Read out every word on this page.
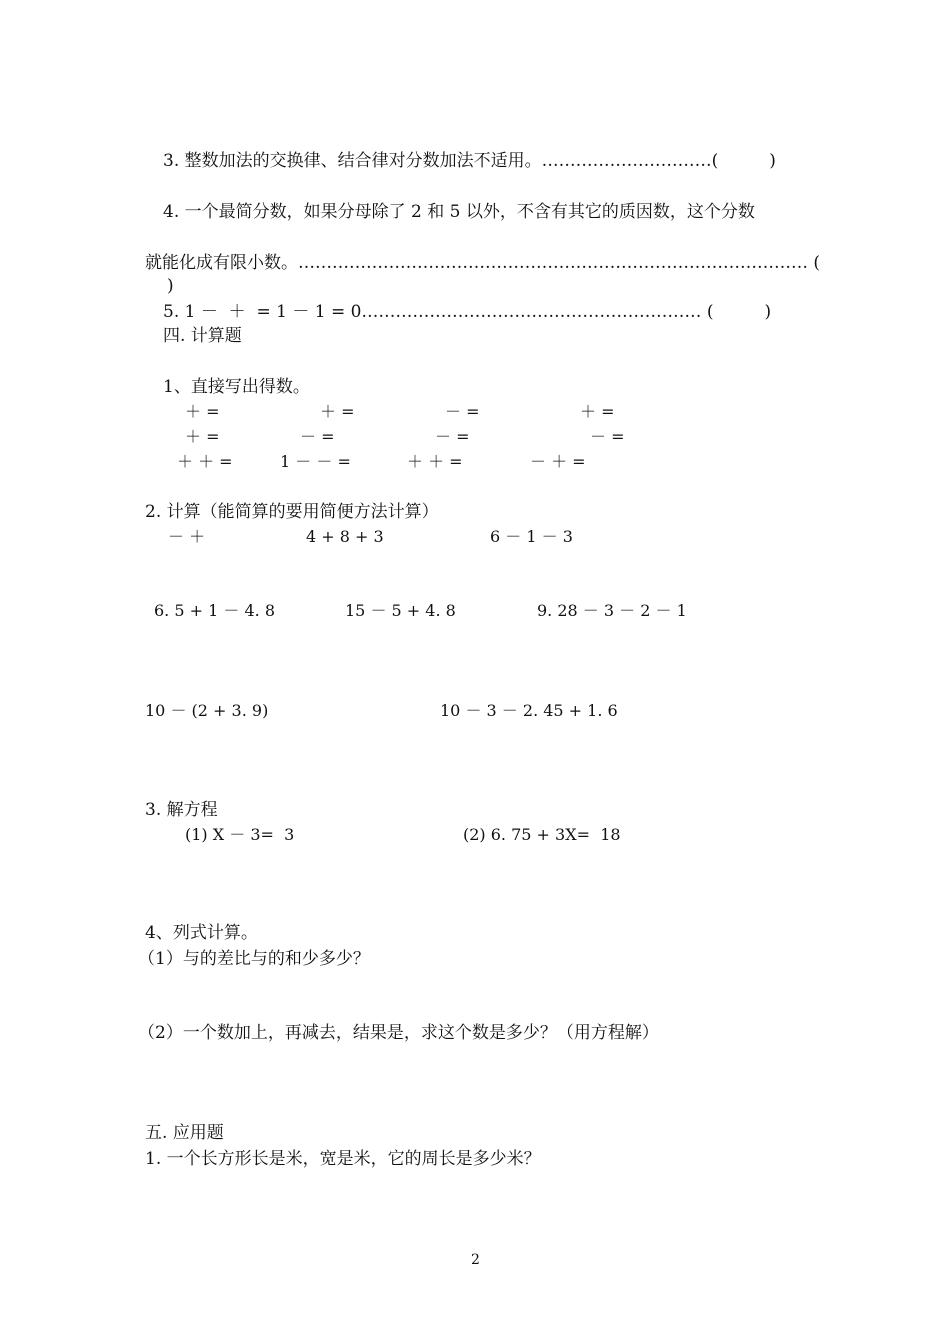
3. 整数加法的交换律、结合律对分数加法不适用。…………………………(　　　)
4. 一个最简分数，如果分母除了 2 和 5 以外，不含有其它的质因数，这个分数
就能化成有限小数。……………………………………………………………………………… (
)
5. 1 －  ＋  = 1 － 1 = 0…………………………………………………… (　　　)
四. 计算题
1、直接写出得数。
＋ =	＋ =	－ =	＋ =
＋ =	－ =	－ =	－ =
＋ ＋ =	1 － － =	＋ ＋ =	－ ＋ =
2. 计算（能简算的要用简便方法计算）
－ ＋	4 + 8 + 3	6 － 1 － 3
6. 5 + 1 － 4. 8	15 － 5 + 4. 8	9. 28 － 3 － 2 － 1
10 － (2 + 3. 9)	10 － 3 － 2. 45 + 1. 6
3. 解方程
(1) X － 3=  3	(2) 6. 75 + 3X=  18
4、列式计算。
（1）与的差比与的和少多少？
（2）一个数加上，再减去，结果是，求这个数是多少？（用方程解）
五. 应用题
1. 一个长方形长是米，宽是米，它的周长是多少米？
2
